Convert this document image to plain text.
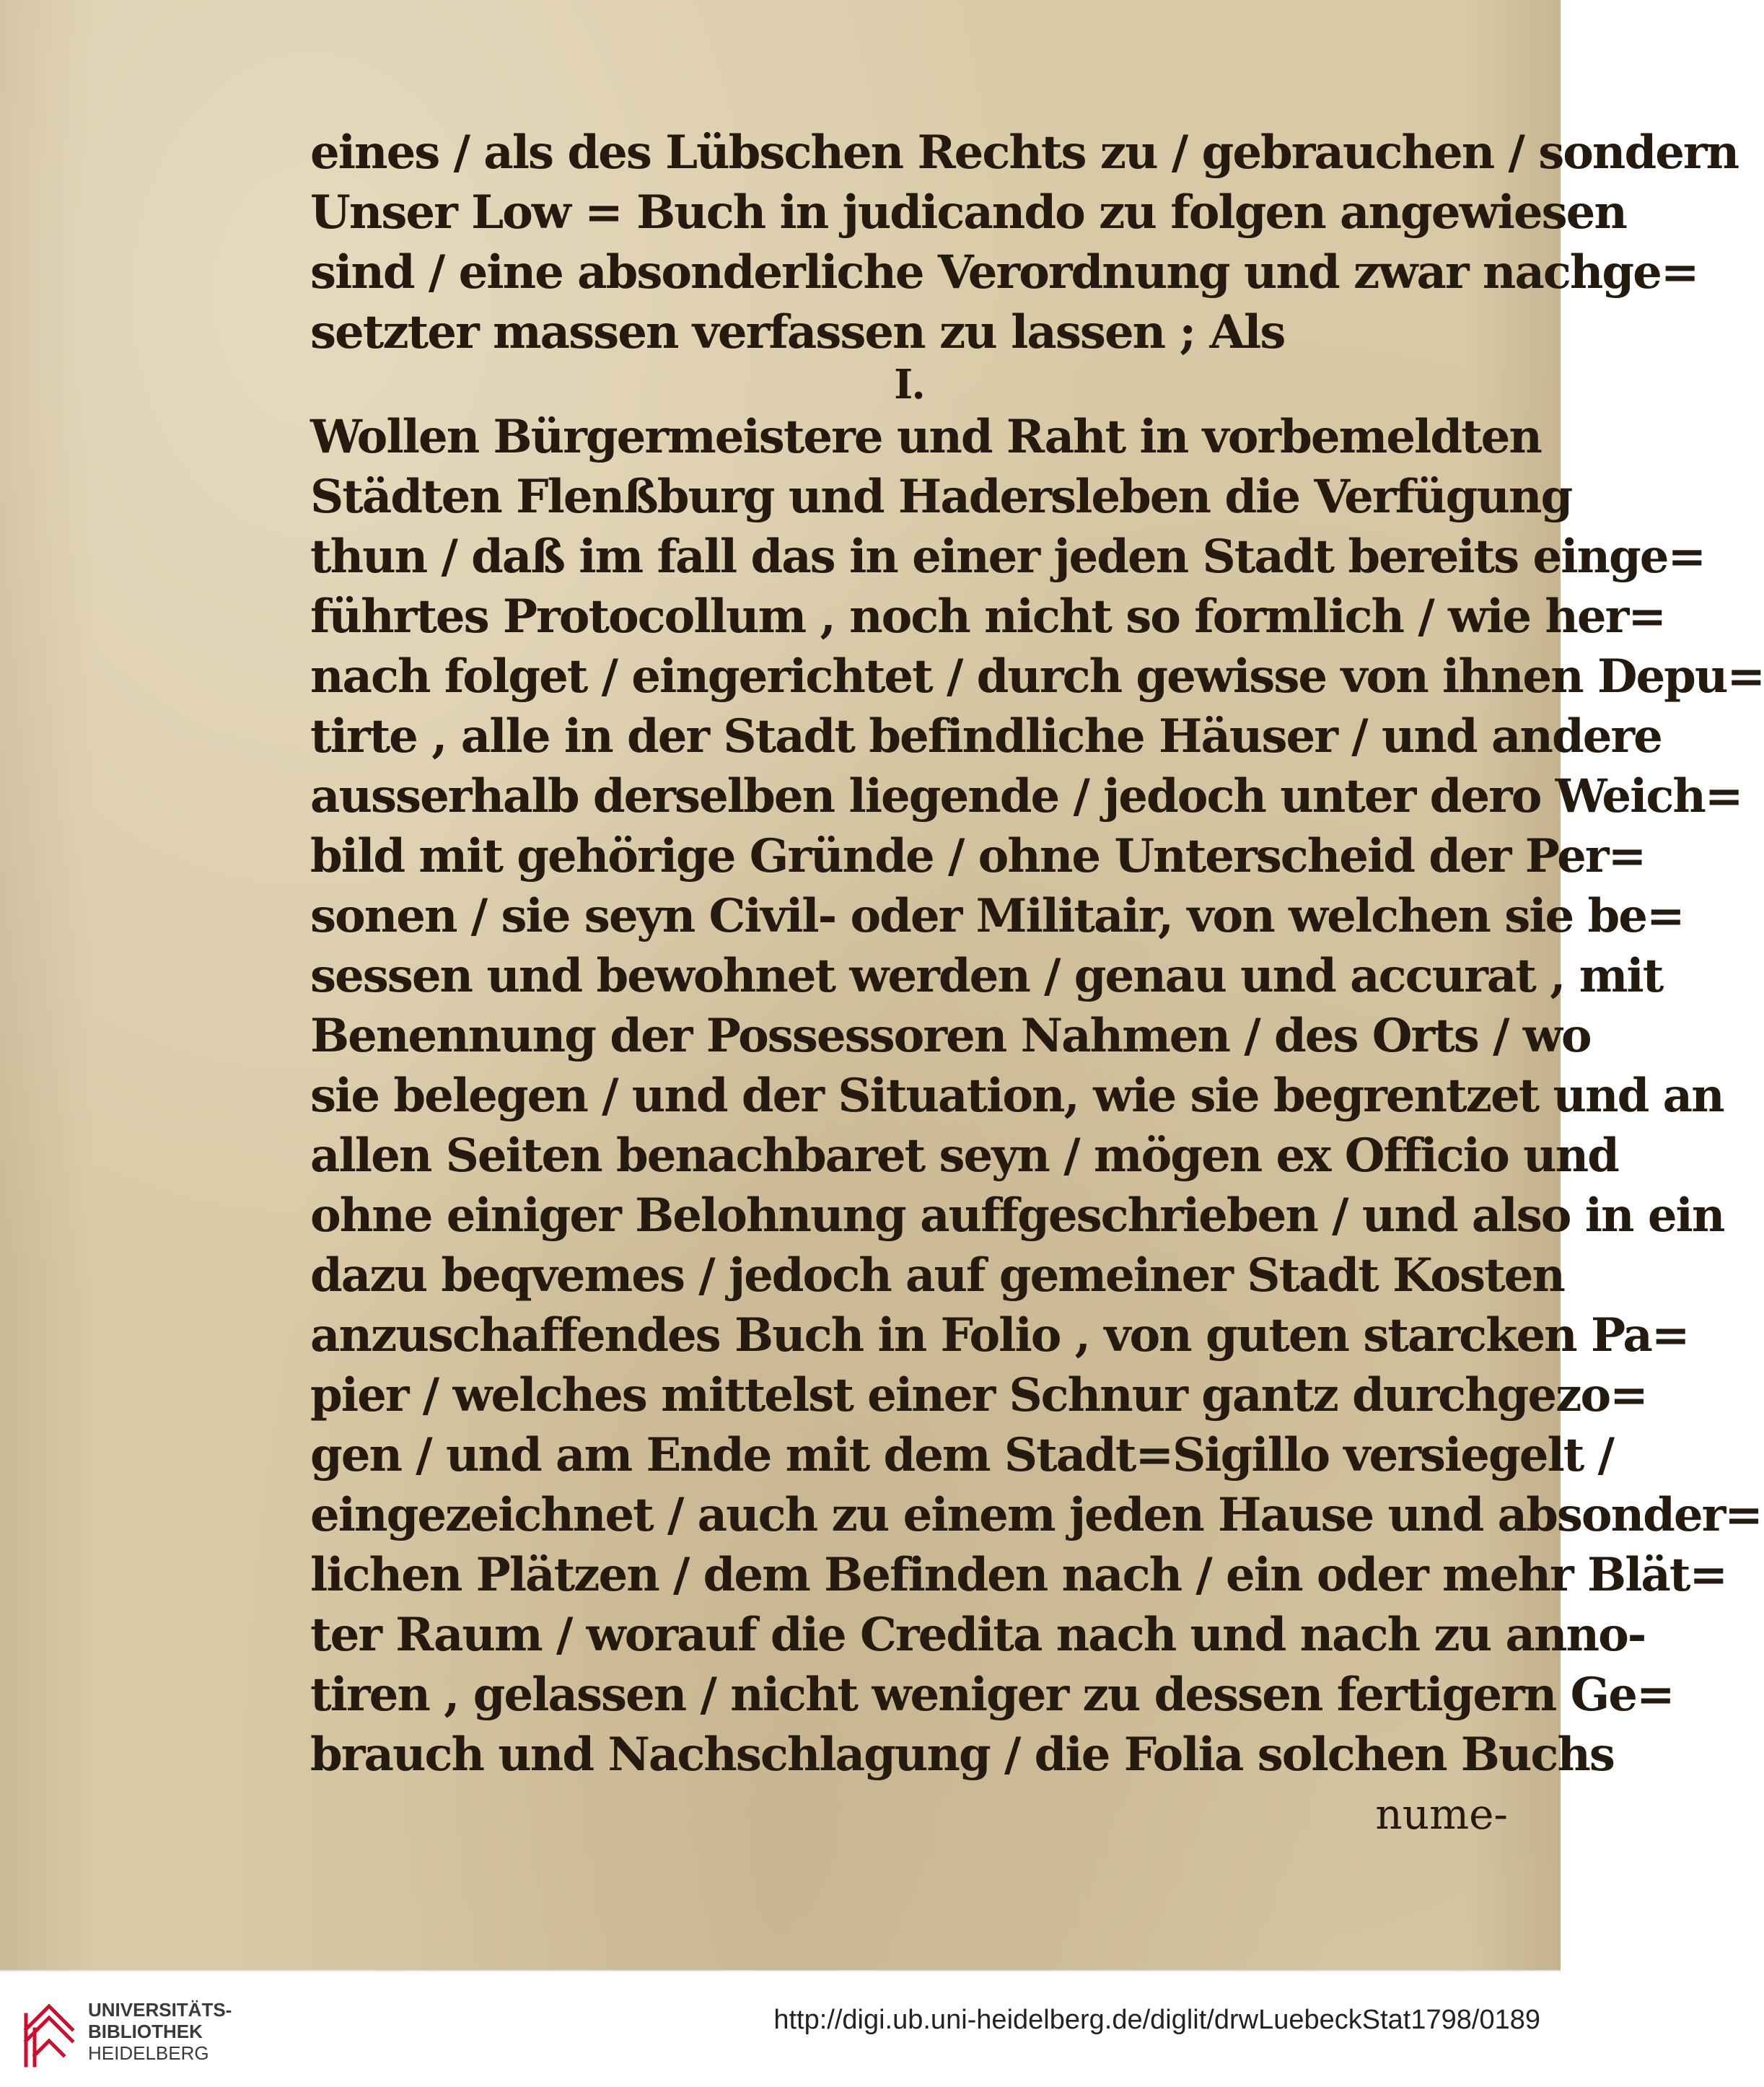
eines / als des Lübschen Rechts zu / gebrauchen / sondern
Unser Low = Buch in judicando zu folgen angewiesen
sind / eine absonderliche Verordnung und zwar nachge=
setzter massen verfassen zu lassen ; Als
I.
Wollen Bürgermeistere und Raht in vorbemeldten
Städten Flenßburg und Hadersleben die Verfügung
thun / daß im fall das in einer jeden Stadt bereits einge=
führtes Protocollum , noch nicht so formlich / wie her=
nach folget / eingerichtet / durch gewisse von ihnen Depu=
tirte , alle in der Stadt befindliche Häuser / und andere
ausserhalb derselben liegende / jedoch unter dero Weich=
bild mit gehörige Gründe / ohne Unterscheid der Per=
sonen / sie seyn Civil- oder Militair, von welchen sie be=
sessen und bewohnet werden / genau und accurat , mit
Benennung der Possessoren Nahmen / des Orts / wo
sie belegen / und der Situation, wie sie begrentzet und an
allen Seiten benachbaret seyn / mögen ex Officio und
ohne einiger Belohnung auffgeschrieben / und also in ein
dazu beqvemes / jedoch auf gemeiner Stadt Kosten
anzuschaffendes Buch in Folio , von guten starcken Pa=
pier / welches mittelst einer Schnur gantz durchgezo=
gen / und am Ende mit dem Stadt=Sigillo versiegelt /
eingezeichnet / auch zu einem jeden Hause und absonder=
lichen Plätzen / dem Befinden nach / ein oder mehr Blät=
ter Raum / worauf die Credita nach und nach zu anno-
tiren , gelassen / nicht weniger zu dessen fertigern Ge=
brauch und Nachschlagung / die Folia solchen Buchs
nume-
UNIVERSITÄTS-
BIBLIOTHEK
HEIDELBERG
http://digi.ub.uni-heidelberg.de/diglit/drwLuebeckStat1798/0189
